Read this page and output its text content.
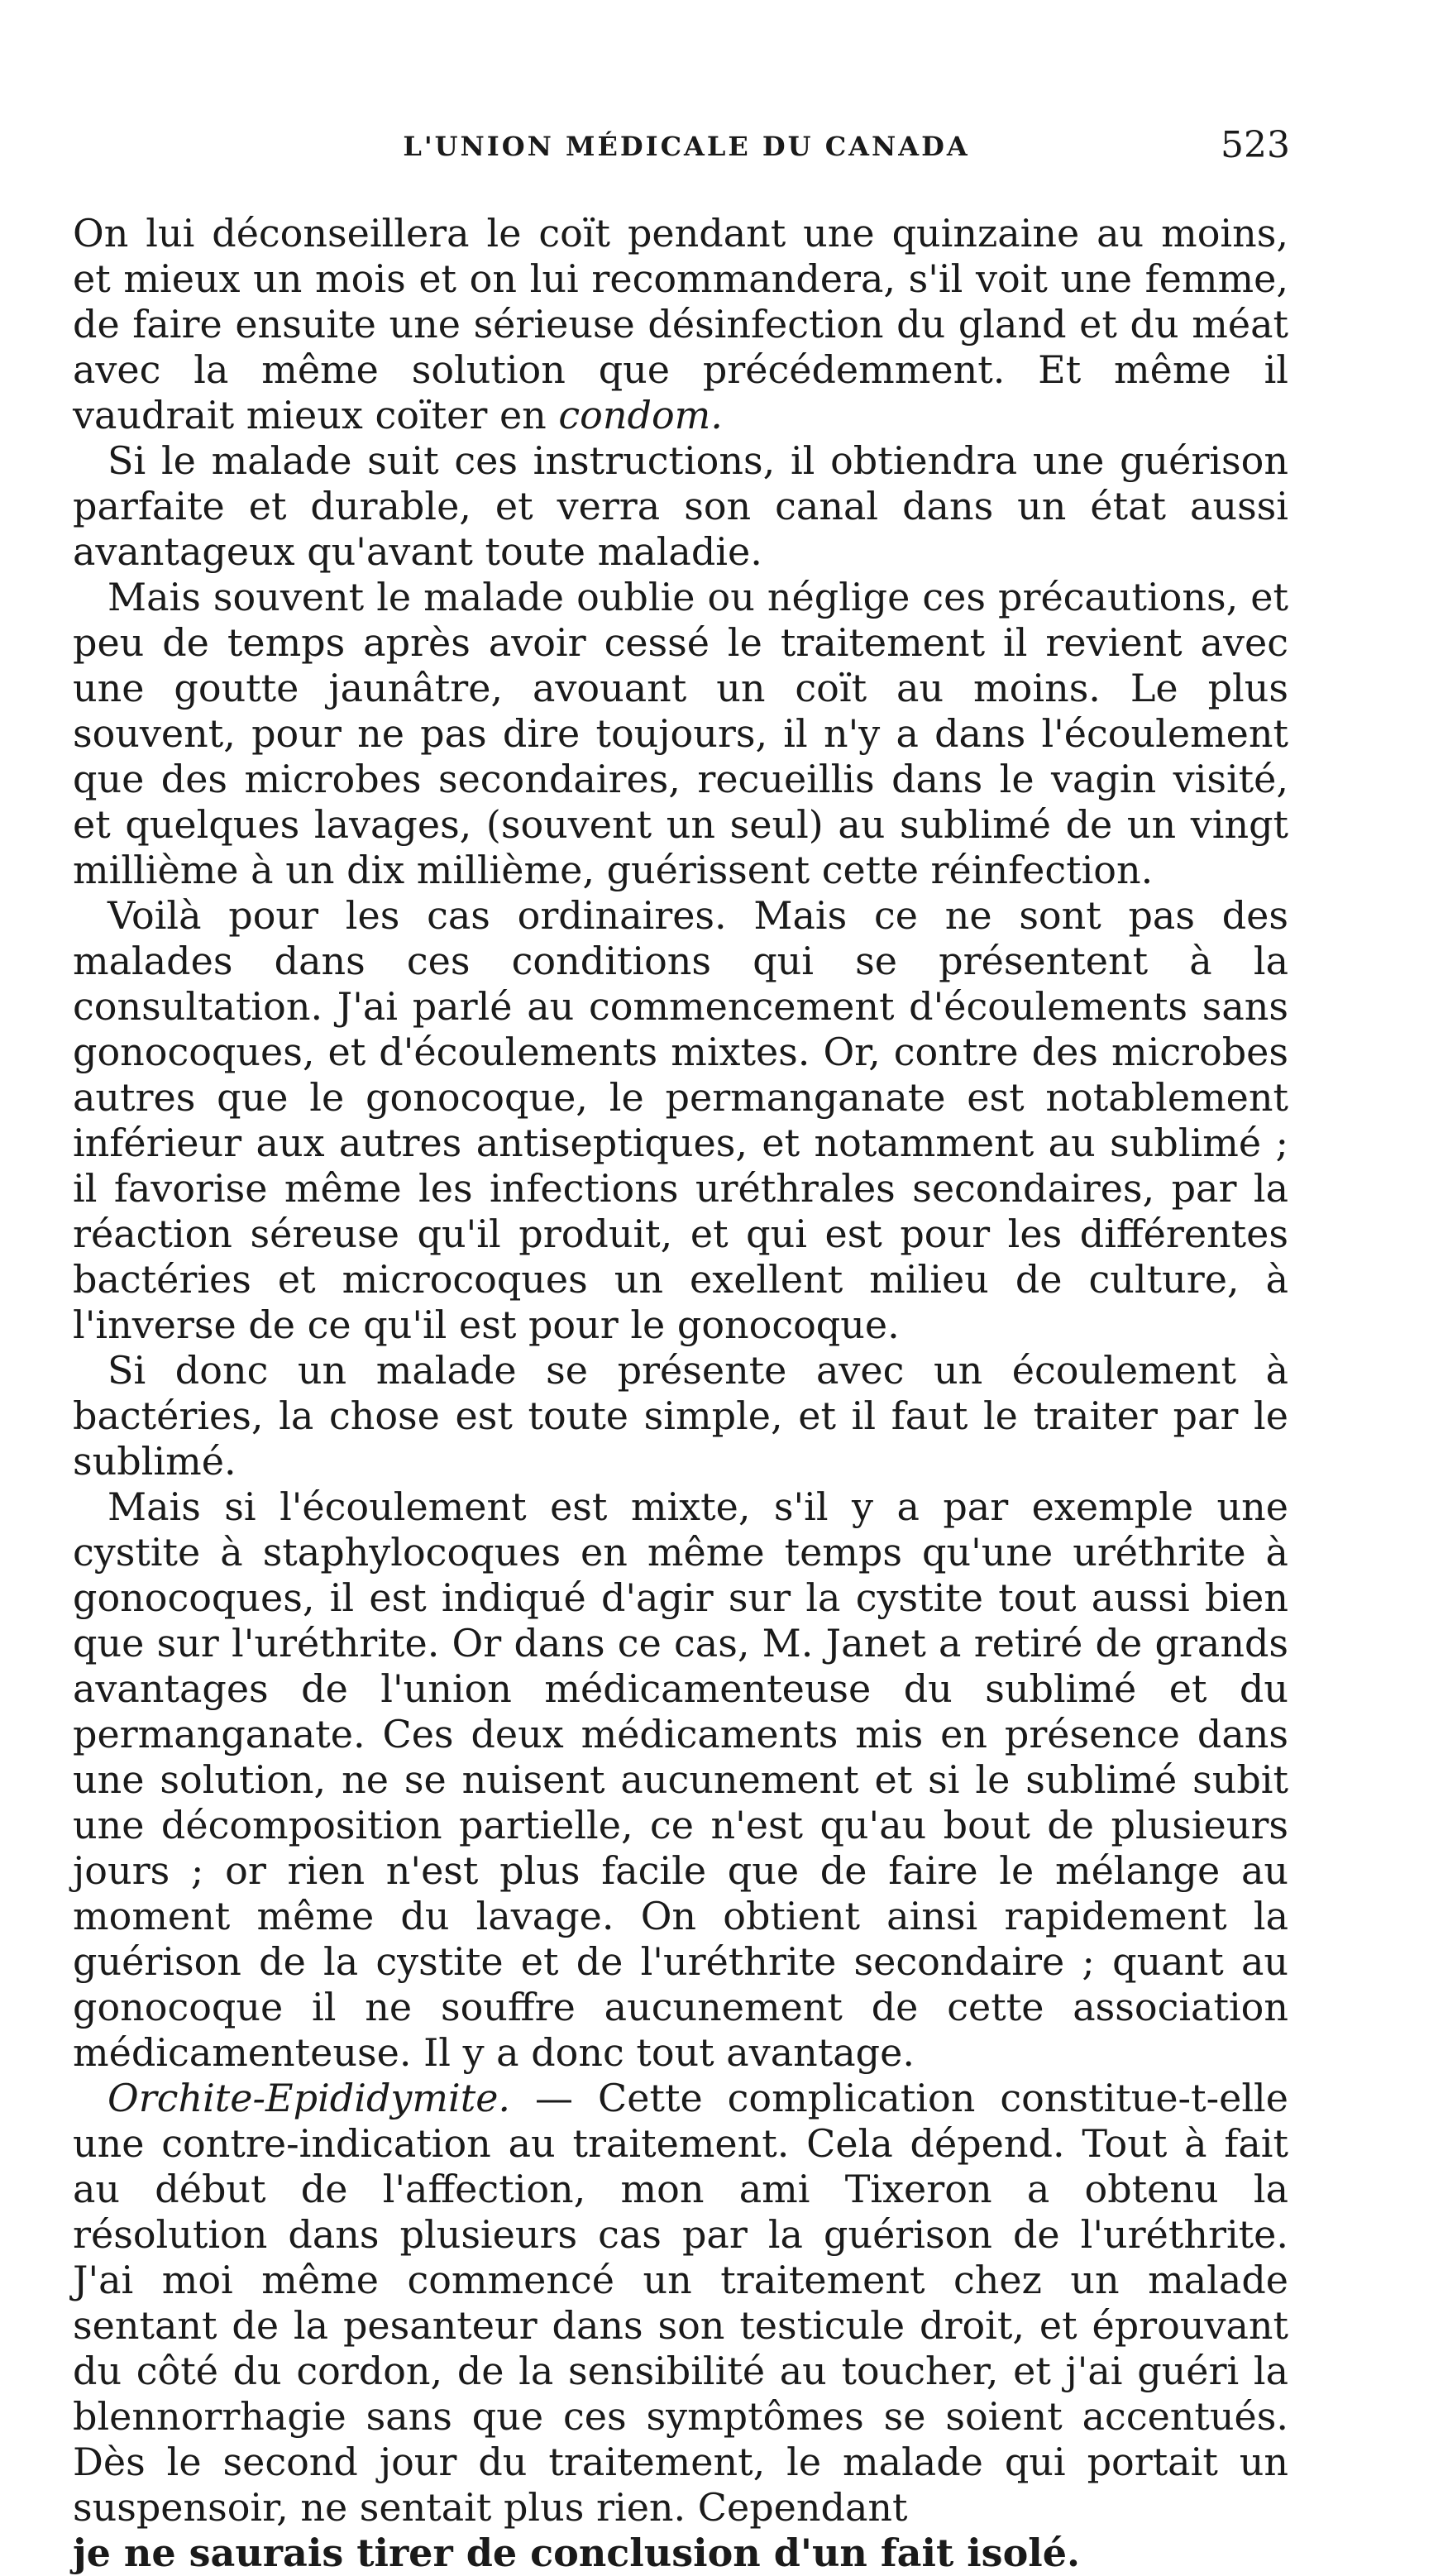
L'UNION MÉDICALE DU CANADA	523

On lui déconseillera le coït pendant une quinzaine au moins, et mieux un mois et on lui recommandera, s'il voit une femme, de faire ensuite une sérieuse désinfection du gland et du méat avec la même solution que précédemment. Et même il vaudrait mieux coïter en condom.

Si le malade suit ces instructions, il obtiendra une guérison parfaite et durable, et verra son canal dans un état aussi avantageux qu'avant toute maladie.

Mais souvent le malade oublie ou néglige ces précautions, et peu de temps après avoir cessé le traitement il revient avec une goutte jaunâtre, avouant un coït au moins. Le plus souvent, pour ne pas dire toujours, il n'y a dans l'écoulement que des microbes secondaires, recueillis dans le vagin visité, et quelques lavages, (souvent un seul) au sublimé de un vingt millième à un dix millième, guérissent cette réinfection.

Voilà pour les cas ordinaires. Mais ce ne sont pas des malades dans ces conditions qui se présentent à la consultation. J'ai parlé au commencement d'écoulements sans gonocoques, et d'écoulements mixtes. Or, contre des microbes autres que le gonocoque, le permanganate est notablement inférieur aux autres antiseptiques, et notamment au sublimé ; il favorise même les infections uréthrales secondaires, par la réaction séreuse qu'il produit, et qui est pour les différentes bactéries et microcoques un exellent milieu de culture, à l'inverse de ce qu'il est pour le gonocoque.

Si donc un malade se présente avec un écoulement à bactéries, la chose est toute simple, et il faut le traiter par le sublimé.

Mais si l'écoulement est mixte, s'il y a par exemple une cystite à staphylocoques en même temps qu'une uréthrite à gonocoques, il est indiqué d'agir sur la cystite tout aussi bien que sur l'uréthrite. Or dans ce cas, M. Janet a retiré de grands avantages de l'union médicamenteuse du sublimé et du permanganate. Ces deux médicaments mis en présence dans une solution, ne se nuisent aucunement et si le sublimé subit une décomposition partielle, ce n'est qu'au bout de plusieurs jours ; or rien n'est plus facile que de faire le mélange au moment même du lavage. On obtient ainsi rapidement la guérison de la cystite et de l'uréthrite secondaire ; quant au gonocoque il ne souffre aucunement de cette association médicamenteuse. Il y a donc tout avantage.

Orchite-Epididymite. — Cette complication constitue-t-elle une contre-indication au traitement. Cela dépend. Tout à fait au début de l'affection, mon ami Tixeron a obtenu la résolution dans plusieurs cas par la guérison de l'uréthrite. J'ai moi même commencé un traitement chez un malade sentant de la pesanteur dans son testicule droit, et éprouvant du côté du cordon, de la sensibilité au toucher, et j'ai guéri la blennorrhagie sans que ces symptômes se soient accentués. Dès le second jour du traitement, le malade qui portait un suspensoir, ne sentait plus rien. Cependant

je ne saurais tirer de conclusion d'un fait isolé.
